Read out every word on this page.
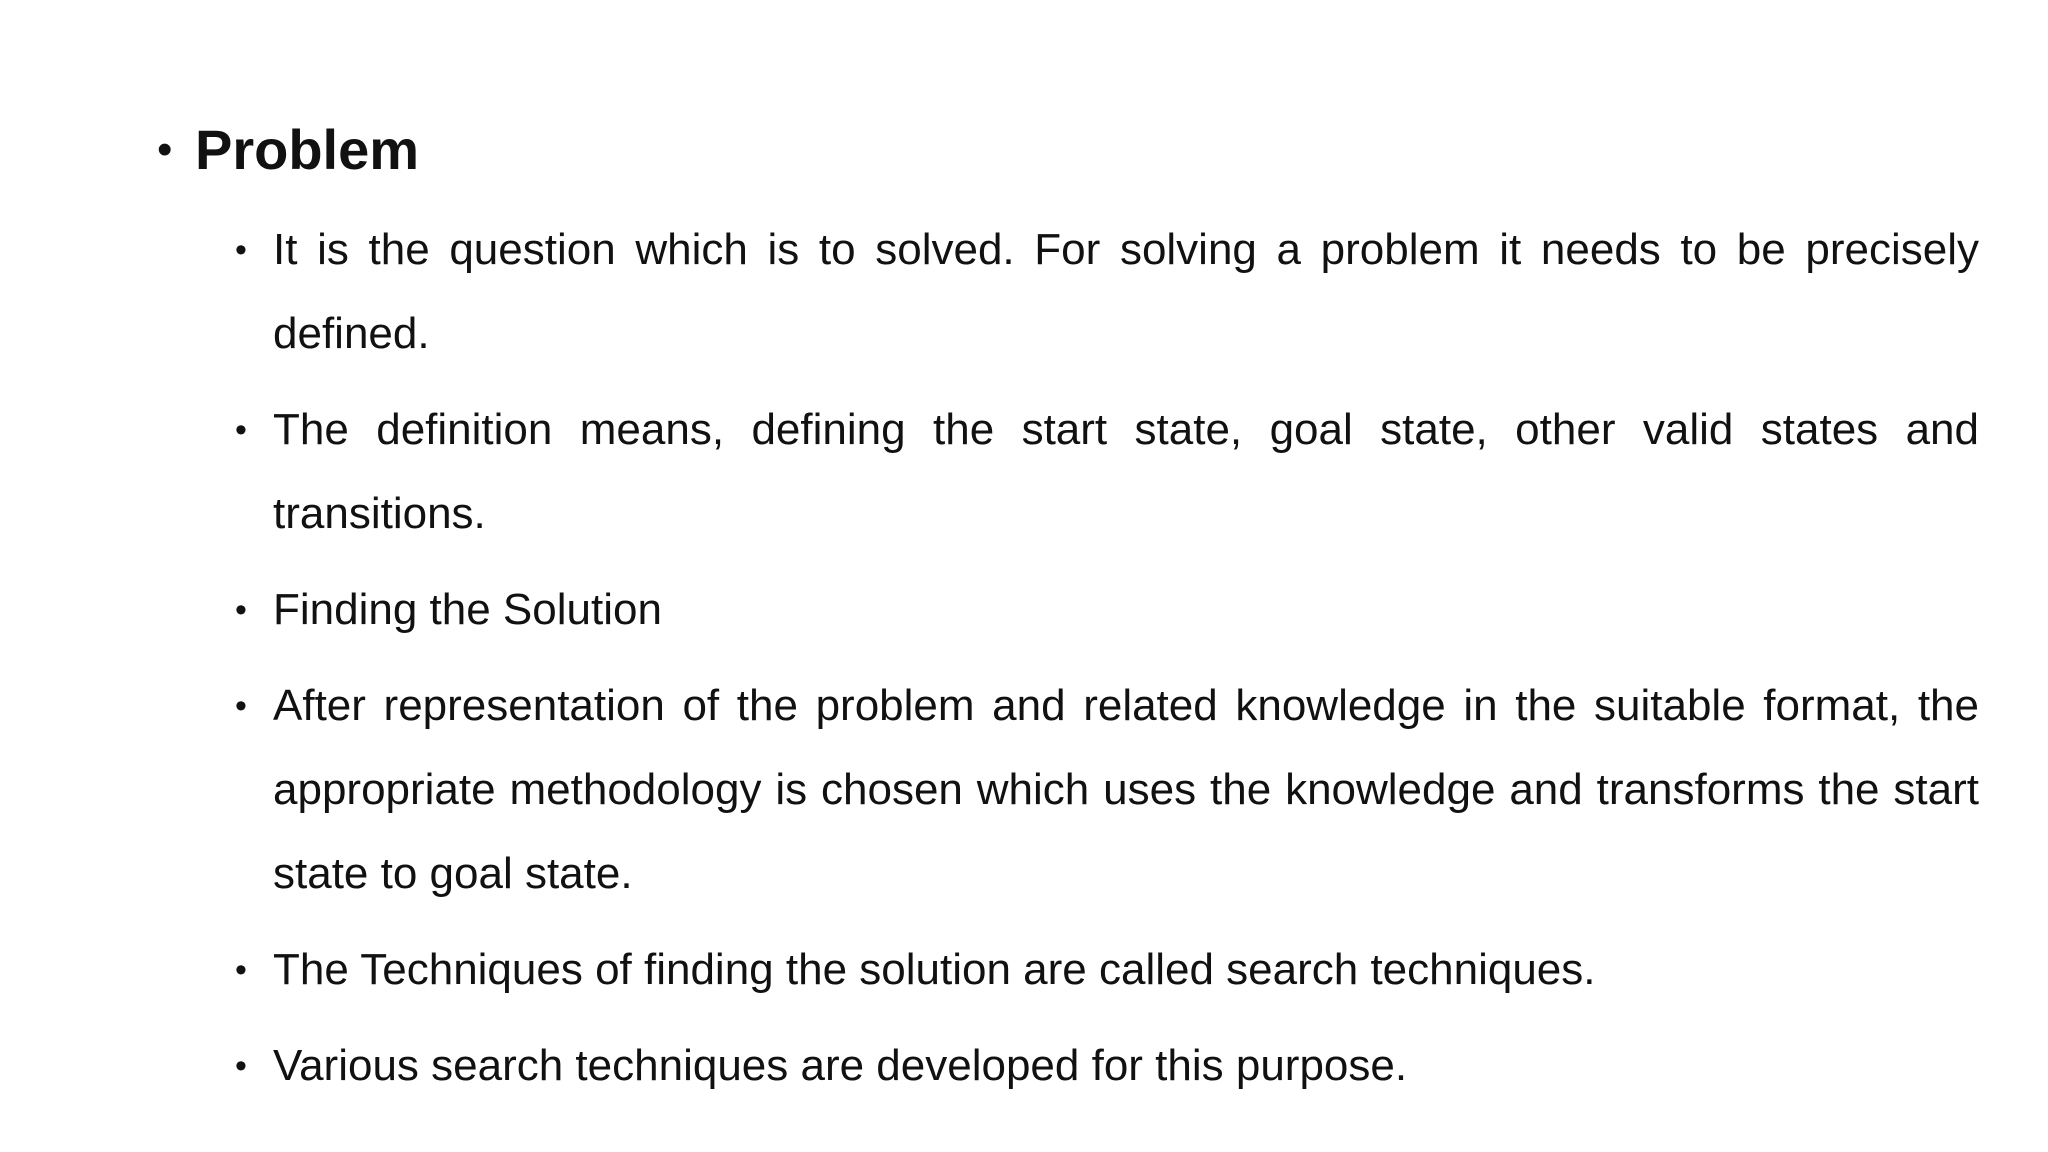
• Problem
• It is the question which is to solved. For solving a problem it needs to be precisely defined.
• The definition means, defining the start state, goal state, other valid states and transitions.
• Finding the Solution
• After representation of the problem and related knowledge in the suitable format, the appropriate methodology is chosen which uses the knowledge and transforms the start state to goal state.
• The Techniques of finding the solution are called search techniques.
• Various search techniques are developed for this purpose.
